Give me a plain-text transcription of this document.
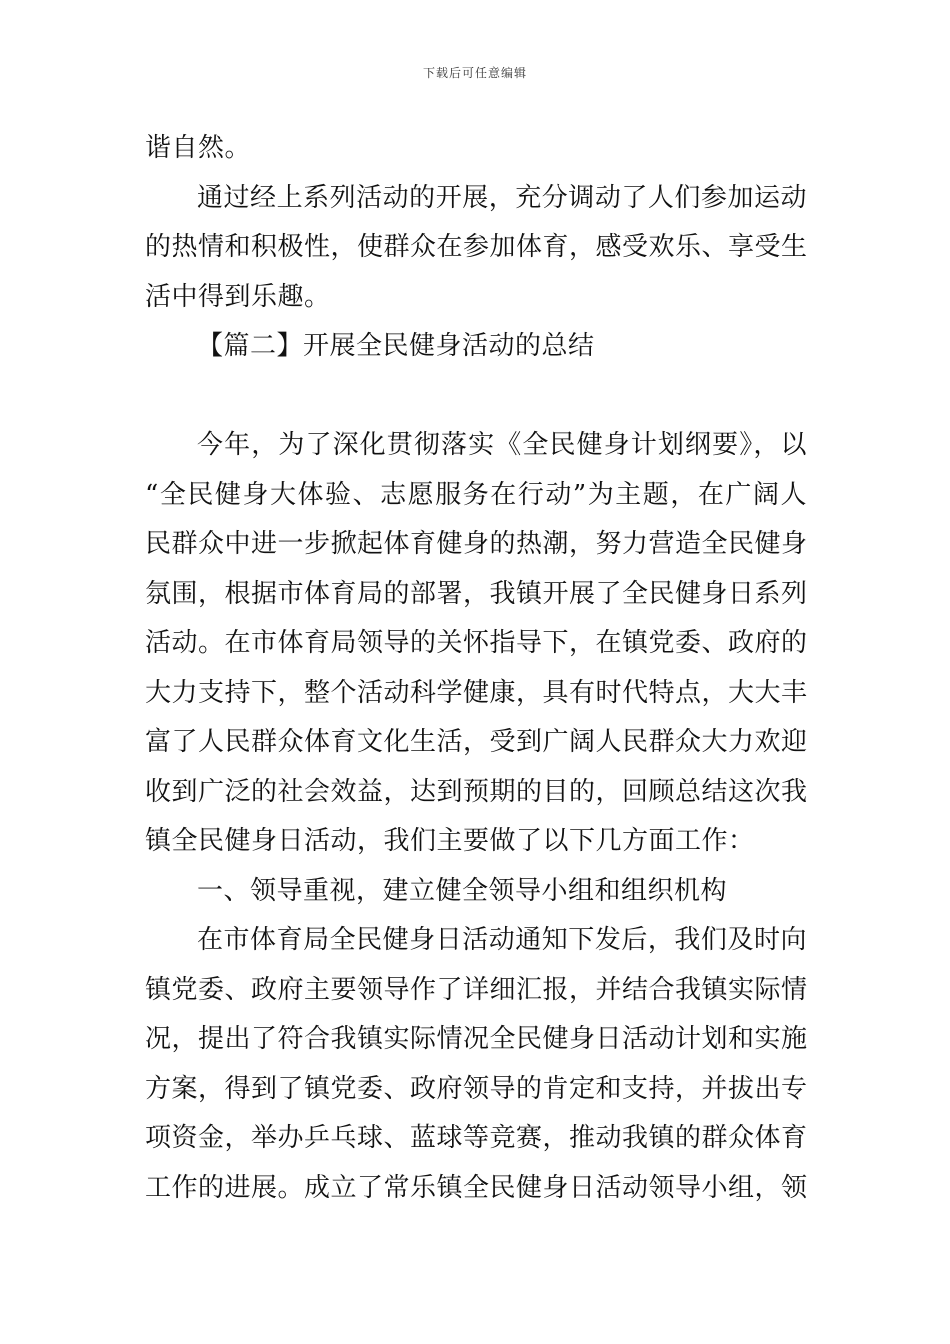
下载后可任意编辑
谐自然。
通过经上系列活动的开展，充分调动了人们参加运动
的热情和积极性，使群众在参加体育，感受欢乐、享受生
活中得到乐趣。
【篇二】开展全民健身活动的总结
今年，为了深化贯彻落实《全民健身计划纲要》，以
“全民健身大体验、志愿服务在行动”为主题，在广阔人
民群众中进一步掀起体育健身的热潮，努力营造全民健身
氛围，根据市体育局的部署，我镇开展了全民健身日系列
活动。在市体育局领导的关怀指导下，在镇党委、政府的
大力支持下，整个活动科学健康，具有时代特点，大大丰
富了人民群众体育文化生活，受到广阔人民群众大力欢迎
收到广泛的社会效益，达到预期的目的，回顾总结这次我
镇全民健身日活动，我们主要做了以下几方面工作：
一、领导重视，建立健全领导小组和组织机构
在市体育局全民健身日活动通知下发后，我们及时向
镇党委、政府主要领导作了详细汇报，并结合我镇实际情
况，提出了符合我镇实际情况全民健身日活动计划和实施
方案，得到了镇党委、政府领导的肯定和支持，并拔出专
项资金，举办乒乓球、蓝球等竞赛，推动我镇的群众体育
工作的进展。成立了常乐镇全民健身日活动领导小组，领
